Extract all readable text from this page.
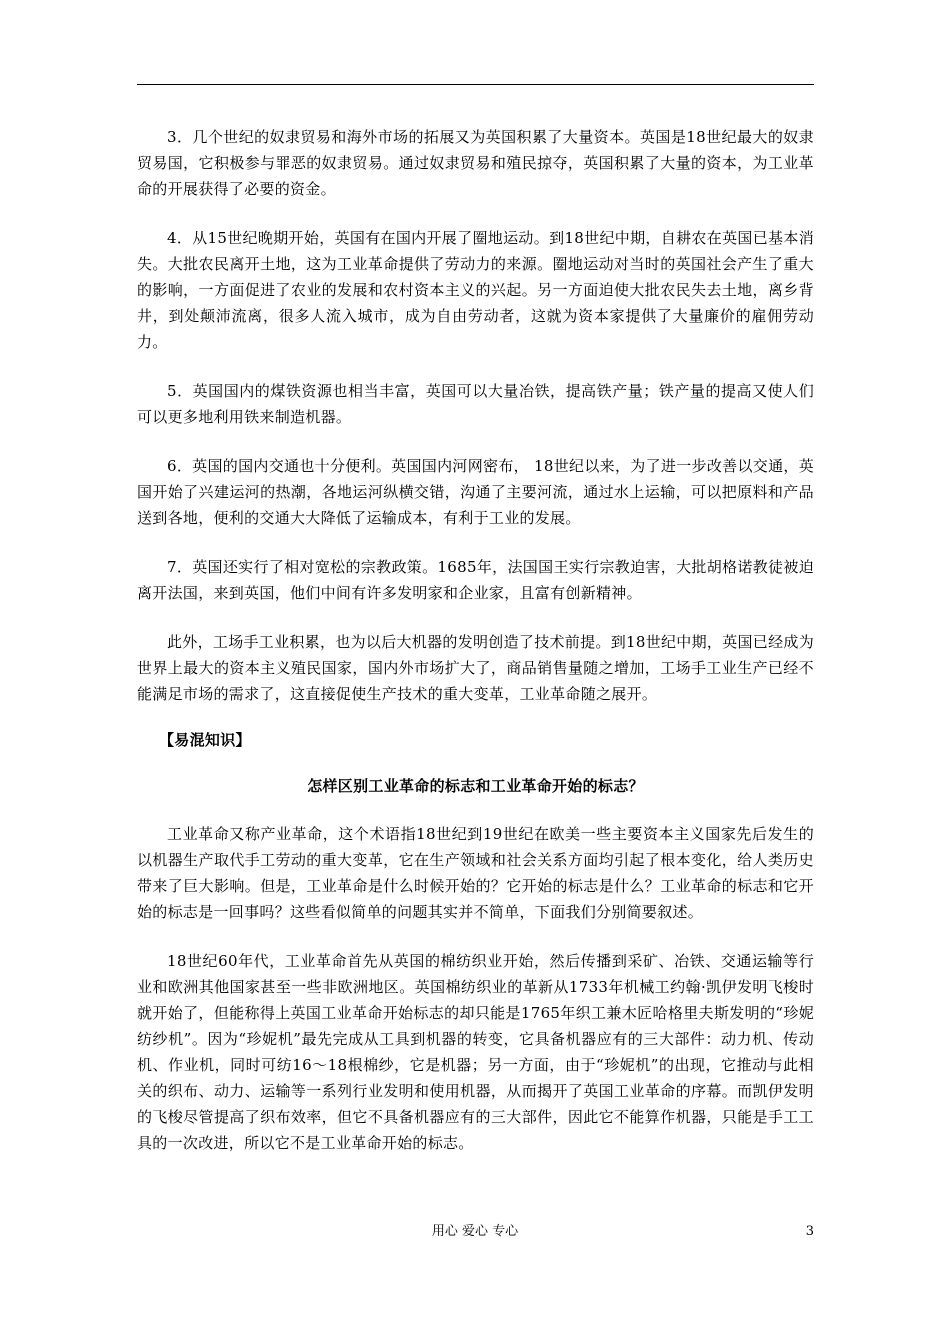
3．几个世纪的奴隶贸易和海外市场的拓展又为英国积累了大量资本。英国是18世纪最大的奴隶贸易国，它积极参与罪恶的奴隶贸易。通过奴隶贸易和殖民掠夺，英国积累了大量的资本，为工业革命的开展获得了必要的资金。

4．从15世纪晚期开始，英国有在国内开展了圈地运动。到18世纪中期，自耕农在英国已基本消失。大批农民离开土地，这为工业革命提供了劳动力的来源。圈地运动对当时的英国社会产生了重大的影响，一方面促进了农业的发展和农村资本主义的兴起。另一方面迫使大批农民失去土地，离乡背井，到处颠沛流离，很多人流入城市，成为自由劳动者，这就为资本家提供了大量廉价的雇佣劳动力。

5．英国国内的煤铁资源也相当丰富，英国可以大量冶铁，提高铁产量；铁产量的提高又使人们可以更多地利用铁来制造机器。

6．英国的国内交通也十分便利。英国国内河网密布， 18世纪以来，为了进一步改善以交通，英国开始了兴建运河的热潮，各地运河纵横交错，沟通了主要河流，通过水上运输，可以把原料和产品送到各地，便利的交通大大降低了运输成本，有利于工业的发展。

7．英国还实行了相对宽松的宗教政策。1685年，法国国王实行宗教迫害，大批胡格诺教徒被迫离开法国，来到英国，他们中间有许多发明家和企业家，且富有创新精神。

此外，工场手工业积累，也为以后大机器的发明创造了技术前提。到18世纪中期，英国已经成为世界上最大的资本主义殖民国家，国内外市场扩大了，商品销售量随之增加，工场手工业生产已经不能满足市场的需求了，这直接促使生产技术的重大变革，工业革命随之展开。

【易混知识】

怎样区别工业革命的标志和工业革命开始的标志？

工业革命又称产业革命，这个术语指18世纪到19世纪在欧美一些主要资本主义国家先后发生的以机器生产取代手工劳动的重大变革，它在生产领域和社会关系方面均引起了根本变化，给人类历史带来了巨大影响。但是，工业革命是什么时候开始的？它开始的标志是什么？工业革命的标志和它开始的标志是一回事吗？这些看似简单的问题其实并不简单，下面我们分别简要叙述。

18世纪60年代，工业革命首先从英国的棉纺织业开始，然后传播到采矿、冶铁、交通运输等行业和欧洲其他国家甚至一些非欧洲地区。英国棉纺织业的革新从1733年机械工约翰·凯伊发明飞梭时就开始了，但能称得上英国工业革命开始标志的却只能是1765年织工兼木匠哈格里夫斯发明的“珍妮纺纱机”。因为“珍妮机”最先完成从工具到机器的转变，它具备机器应有的三大部件：动力机、传动机、作业机，同时可纺16～18根棉纱，它是机器；另一方面，由于“珍妮机”的出现，它推动与此相关的织布、动力、运输等一系列行业发明和使用机器，从而揭开了英国工业革命的序幕。而凯伊发明的飞梭尽管提高了织布效率，但它不具备机器应有的三大部件，因此它不能算作机器，只能是手工工具的一次改进，所以它不是工业革命开始的标志。

用心 爱心 专心	3
